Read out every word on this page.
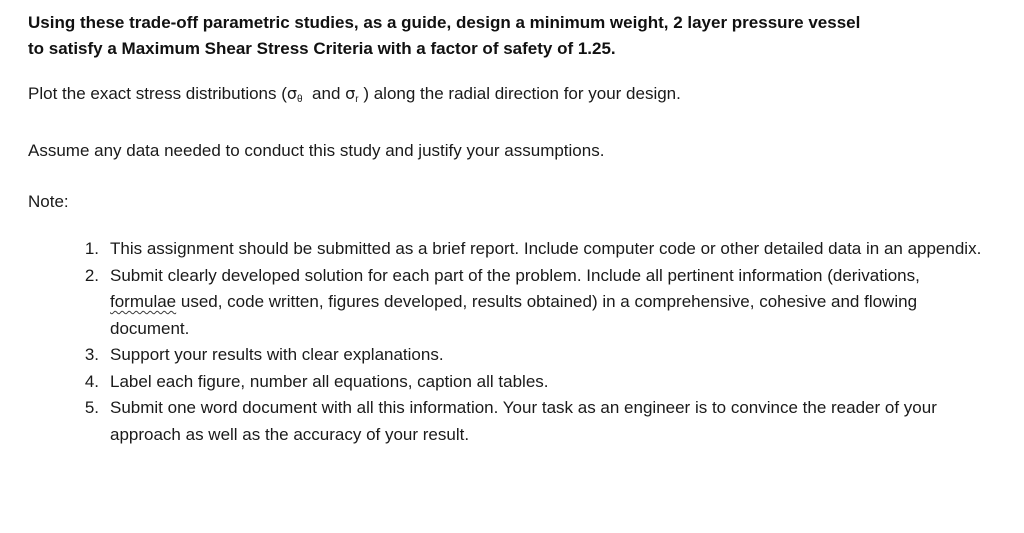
Using these trade-off parametric studies, as a guide, design a minimum weight, 2 layer pressure vessel
to satisfy a Maximum Shear Stress Criteria with a factor of safety of 1.25.
Plot the exact stress distributions ($\sigma_\theta$  and $\sigma_r$ ) along the radial direction for your design.
Assume any data needed to conduct this study and justify your assumptions.
Note:
1. This assignment should be submitted as a brief report. Include computer code or other detailed data in an appendix.
2. Submit clearly developed solution for each part of the problem. Include all pertinent information (derivations, formulae used, code written, figures developed, results obtained) in a comprehensive, cohesive and flowing document.
3. Support your results with clear explanations.
4. Label each figure, number all equations, caption all tables.
5. Submit one word document with all this information. Your task as an engineer is to convince the reader of your approach as well as the accuracy of your result.
